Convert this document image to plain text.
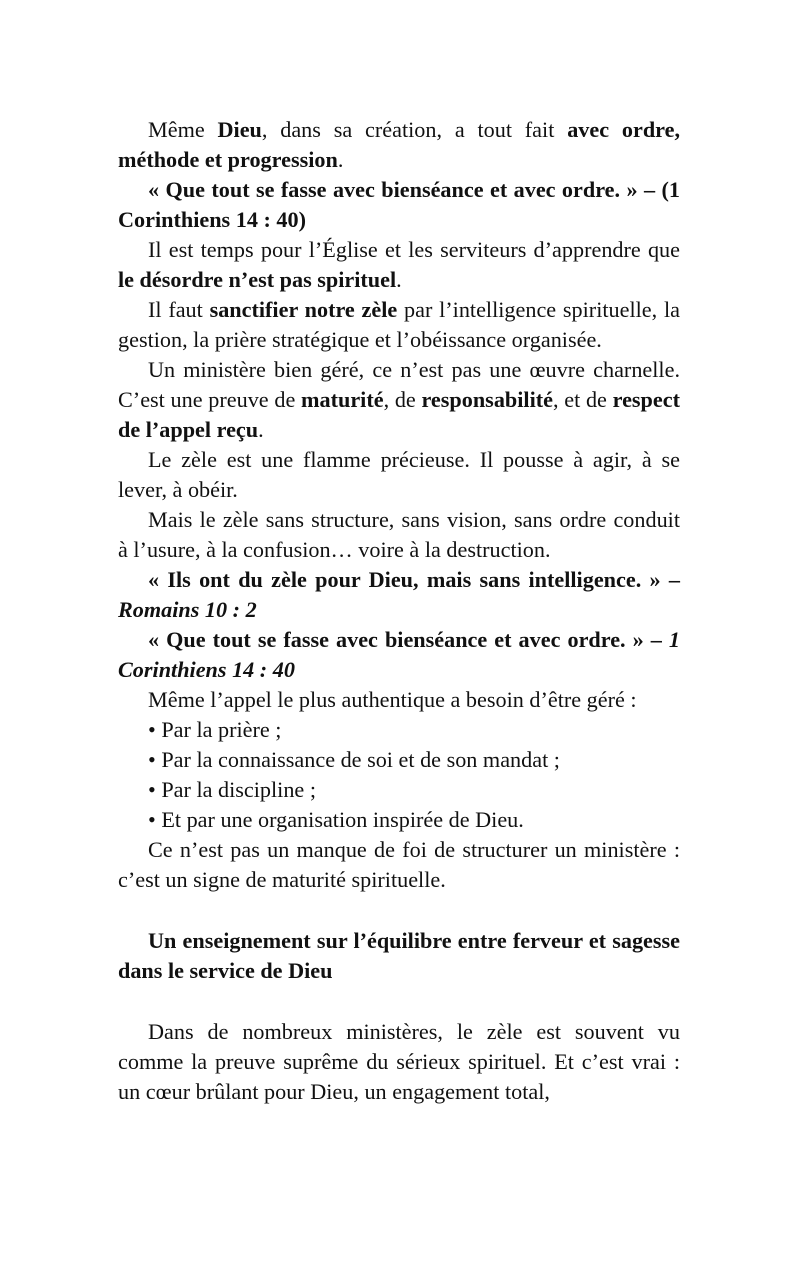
Même Dieu, dans sa création, a tout fait avec ordre, méthode et progression.

« Que tout se fasse avec bienséance et avec ordre. » – (1 Corinthiens 14 : 40)

Il est temps pour l’Église et les serviteurs d’apprendre que le désordre n’est pas spirituel.

Il faut sanctifier notre zèle par l’intelligence spirituelle, la gestion, la prière stratégique et l’obéissance organisée.

Un ministère bien géré, ce n’est pas une œuvre charnelle. C’est une preuve de maturité, de responsabilité, et de respect de l’appel reçu.

Le zèle est une flamme précieuse. Il pousse à agir, à se lever, à obéir.

Mais le zèle sans structure, sans vision, sans ordre conduit à l’usure, à la confusion… voire à la destruction.

« Ils ont du zèle pour Dieu, mais sans intelligence. » – Romains 10 : 2

« Que tout se fasse avec bienséance et avec ordre. » – 1 Corinthiens 14 : 40

Même l’appel le plus authentique a besoin d’être géré :

• Par la prière ;

• Par la connaissance de soi et de son mandat ;

• Par la discipline ;

• Et par une organisation inspirée de Dieu.

Ce n’est pas un manque de foi de structurer un ministère : c’est un signe de maturité spirituelle.

Un enseignement sur l’équilibre entre ferveur et sagesse dans le service de Dieu

Dans de nombreux ministères, le zèle est souvent vu comme la preuve suprême du sérieux spirituel. Et c’est vrai : un cœur brûlant pour Dieu, un engagement total,
